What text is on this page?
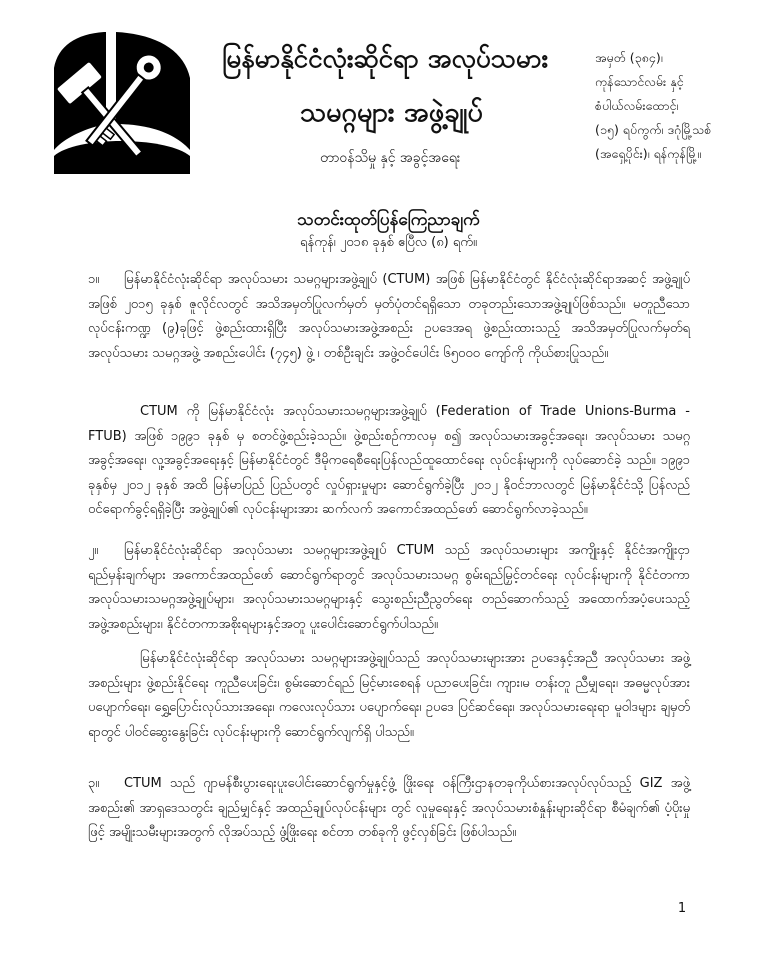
မြန်မာနိုင်ငံလုံးဆိုင်ရာ အလုပ်သမား
သမဂ္ဂများ အဖွဲ့ချုပ်
တာဝန်သိမှု နှင့် အခွင့်အရေး
အမှတ် (၃၈၄)၊
ကုန်သောင်လမ်း နှင့်
စံပါယ်လမ်းထောင့်၊
(၁၅) ရပ်ကွက်၊ ဒဂုံမြို့သစ်
(အရှေ့ပိုင်း)၊ ရန်ကုန်မြို့။
သတင်းထုတ်ပြန်ကြေညာချက်
ရန်ကုန်၊ ၂၀၁၈ ခုနှစ် ဧပြီလ (၈) ရက်။
၁။ မြန်မာနိုင်ငံလုံးဆိုင်ရာ အလုပ်သမား သမဂ္ဂများအဖွဲ့ချုပ် (CTUM) အဖြစ် မြန်မာနိုင်ငံတွင် နိုင်ငံလုံးဆိုင်ရာအဆင့် အဖွဲ့ချုပ်အဖြစ် ၂၀၁၅ ခုနှစ် ဇူလိုင်လတွင် အသိအမှတ်ပြုလက်မှတ် မှတ်ပုံတင်ရရှိသော တခုတည်းသောအဖွဲ့ချုပ်ဖြစ်သည်။ မတူညီသောလုပ်ငန်းကဏ္ဍ (၉)ခုဖြင့် ဖွဲ့စည်းထားရှိပြီး အလုပ်သမားအဖွဲ့အစည်း ဥပဒေအရ ဖွဲ့စည်းထားသည့် အသိအမှတ်ပြုလက်မှတ်ရ အလုပ်သမား သမဂ္ဂအဖွဲ့ အစည်းပေါင်း (၇၄၅) ဖွဲ့ ၊ တစ်ဦးချင်း အဖွဲ့ဝင်ပေါင်း ၆၅၀၀၀ ကျော်ကို ကိုယ်စားပြုသည်။
CTUM ကို မြန်မာနိုင်ငံလုံး အလုပ်သမားသမဂ္ဂများအဖွဲ့ချုပ် (Federation of Trade Unions-Burma - FTUB) အဖြစ် ၁၉၉၁ ခုနှစ် မှ စတင်ဖွဲ့စည်းခဲ့သည်။ ဖွဲ့စည်းစဉ်ကာလမှ စ၍ အလုပ်သမားအခွင့်အရေး၊ အလုပ်သမား သမဂ္ဂ အခွင့်အရေး၊ လူ့အခွင့်အရေးနှင့် မြန်မာနိုင်ငံတွင် ဒီမိုကရေစီရေးပြန်လည်ထူထောင်ရေး လုပ်ငန်းများကို လုပ်ဆောင်ခဲ့ သည်။ ၁၉၉၁ ခုနှစ်မှ ၂၀၁၂ ခုနှစ် အထိ မြန်မာပြည် ပြည်ပတွင် လှုပ်ရှားမှုများ ဆောင်ရွက်ခဲ့ပြီး ၂၀၁၂ နိုဝင်ဘာလတွင် မြန်မာနိုင်ငံသို့ ပြန်လည် ဝင်ရောက်ခွင့်ရရှိခဲ့ပြီး အဖွဲ့ချုပ်၏ လုပ်ငန်းများအား ဆက်လက် အကောင်အထည်ဖော် ဆောင်ရွက်လာခဲ့သည်။
၂။ မြန်မာနိုင်ငံလုံးဆိုင်ရာ အလုပ်သမား သမဂ္ဂများအဖွဲ့ချုပ် CTUM သည် အလုပ်သမားများ အကျိုးနှင့် နိုင်ငံအကျိုးငှာ ရည်မှန်းချက်များ အကောင်အထည်ဖော် ဆောင်ရွက်ရာတွင် အလုပ်သမားသမဂ္ဂ စွမ်းရည်မြှင့်တင်ရေး လုပ်ငန်းများကို နိုင်ငံတကာအလုပ်သမားသမဂ္ဂအဖွဲ့ချုပ်များ၊ အလုပ်သမားသမဂ္ဂများနှင့် သွေးစည်းညီညွတ်ရေး တည်ဆောက်သည့် အထောက်အပံ့ပေးသည့် အဖွဲ့အစည်းများ၊ နိုင်ငံတကာအစိုးရများနှင့်အတူ ပူးပေါင်းဆောင်ရွက်ပါသည်။
မြန်မာနိုင်ငံလုံးဆိုင်ရာ အလုပ်သမား သမဂ္ဂများအဖွဲ့ချုပ်သည် အလုပ်သမားများအား ဥပဒေနှင့်အညီ အလုပ်သမား အဖွဲ့အစည်းများ ဖွဲ့စည်းနိုင်ရေး ကူညီပေးခြင်း၊ စွမ်းဆောင်ရည် မြင့်မားစေရန် ပညာပေးခြင်း၊ ကျား၊မ တန်းတူ ညီမျှရေး၊ အဓမ္မလုပ်အားပပျောက်ရေး၊ ရွှေ့ပြောင်းလုပ်သားအရေး၊ ကလေးလုပ်သား ပပျောက်ရေး၊ ဥပဒေ ပြင်ဆင်ရေး၊ အလုပ်သမားရေးရာ မူဝါဒများ ချမှတ်ရာတွင် ပါဝင်ဆွေးနွေးခြင်း လုပ်ငန်းများကို ဆောင်ရွက်လျက်ရှိ ပါသည်။
၃။ CTUM သည် ဂျာမန်စီးပွားရေးပူးပေါင်းဆောင်ရွက်မှုနှင့်ဖွံ့ ဖြိုးရေး ဝန်ကြီးဌာနတခုကိုယ်စားအလုပ်လုပ်သည့် GIZ အဖွဲ့အစည်း၏ အာရှဒေသတွင်း ချည်မျှင်နှင့် အထည်ချုပ်လုပ်ငန်းများ တွင် လူမှုရေးနှင့် အလုပ်သမားစံနှုန်းများဆိုင်ရာ စီမံချက်၏ ပံ့ပိုးမှုဖြင့် အမျိုးသမီးများအတွက် လိုအပ်သည့် ဖွံ့ဖြိုးရေး စင်တာ တစ်ခုကို ဖွင့်လှစ်ခြင်း ဖြစ်ပါသည်။
1
